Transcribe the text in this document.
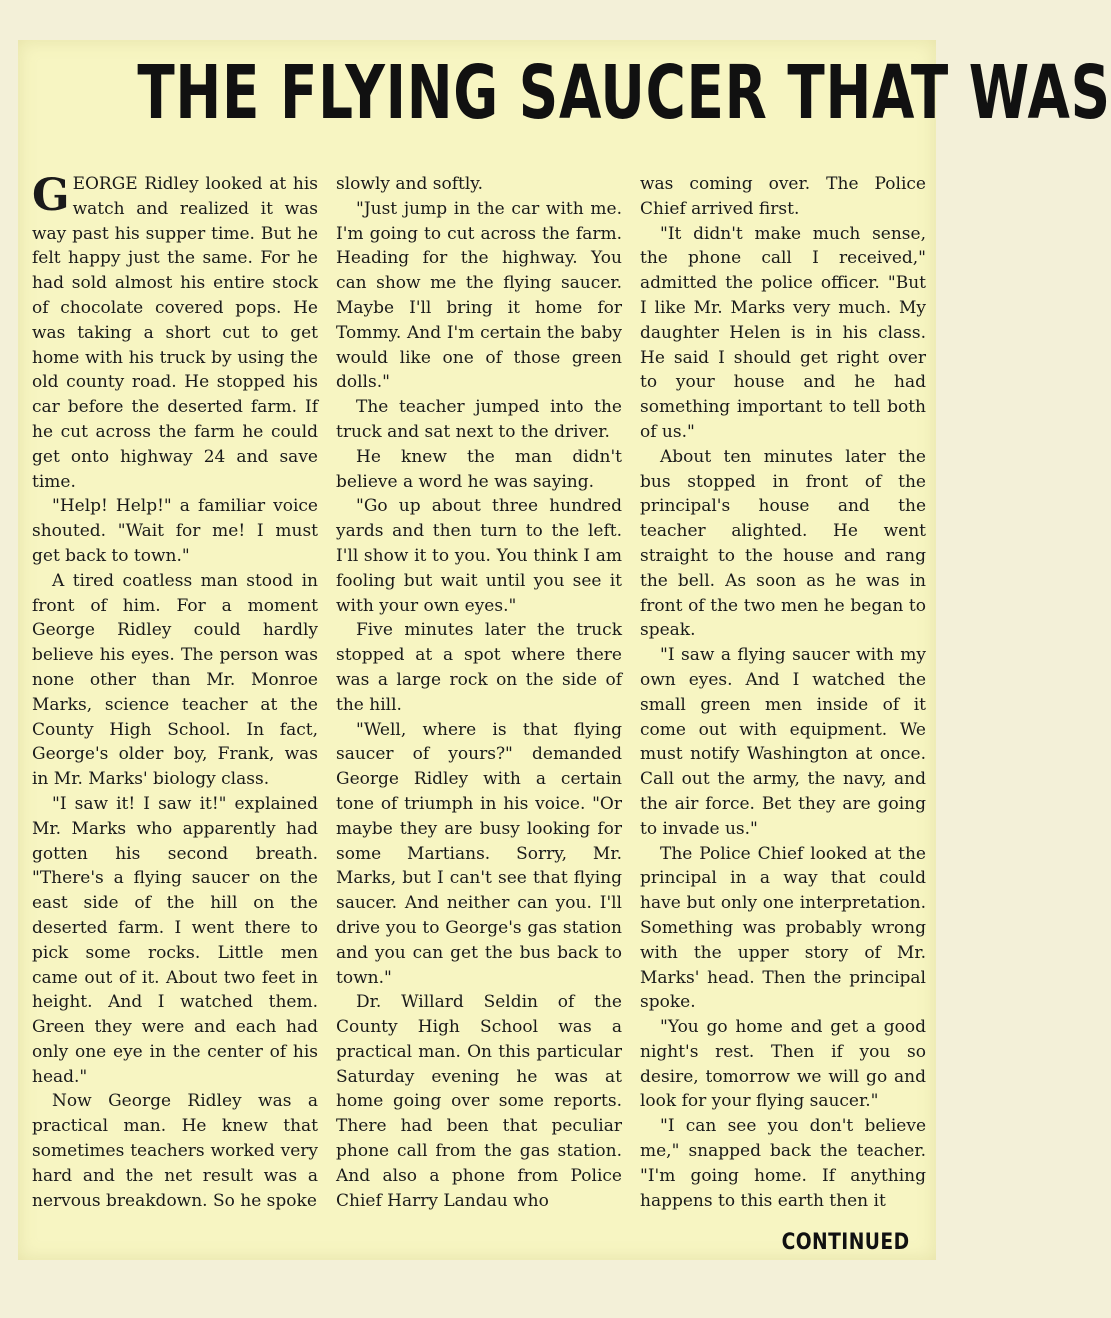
THE FLYING SAUCER THAT WAS

GEORGE Ridley looked at his watch and realized it was way past his supper time. But he felt happy just the same. For he had sold almost his entire stock of chocolate covered pops. He was taking a short cut to get home with his truck by using the old county road. He stopped his car before the deserted farm. If he cut across the farm he could get onto highway 24 and save time.

"Help! Help!" a familiar voice shouted. "Wait for me! I must get back to town."

A tired coatless man stood in front of him. For a moment George Ridley could hardly believe his eyes. The person was none other than Mr. Monroe Marks, science teacher at the County High School. In fact, George's older boy, Frank, was in Mr. Marks' biology class.

"I saw it! I saw it!" explained Mr. Marks who apparently had gotten his second breath. "There's a flying saucer on the east side of the hill on the deserted farm. I went there to pick some rocks. Little men came out of it. About two feet in height. And I watched them. Green they were and each had only one eye in the center of his head."

Now George Ridley was a practical man. He knew that sometimes teachers worked very hard and the net result was a nervous breakdown. So he spoke

slowly and softly.

"Just jump in the car with me. I'm going to cut across the farm. Heading for the highway. You can show me the flying saucer. Maybe I'll bring it home for Tommy. And I'm certain the baby would like one of those green dolls."

The teacher jumped into the truck and sat next to the driver.

He knew the man didn't believe a word he was saying.

"Go up about three hundred yards and then turn to the left. I'll show it to you. You think I am fooling but wait until you see it with your own eyes."

Five minutes later the truck stopped at a spot where there was a large rock on the side of the hill.

"Well, where is that flying saucer of yours?" demanded George Ridley with a certain tone of triumph in his voice. "Or maybe they are busy looking for some Martians. Sorry, Mr. Marks, but I can't see that flying saucer. And neither can you. I'll drive you to George's gas station and you can get the bus back to town."

Dr. Willard Seldin of the County High School was a practical man. On this particular Saturday evening he was at home going over some reports. There had been that peculiar phone call from the gas station. And also a phone from Police Chief Harry Landau who

was coming over. The Police Chief arrived first.

"It didn't make much sense, the phone call I received," admitted the police officer. "But I like Mr. Marks very much. My daughter Helen is in his class. He said I should get right over to your house and he had something important to tell both of us."

About ten minutes later the bus stopped in front of the principal's house and the teacher alighted. He went straight to the house and rang the bell. As soon as he was in front of the two men he began to speak.

"I saw a flying saucer with my own eyes. And I watched the small green men inside of it come out with equipment. We must notify Washington at once. Call out the army, the navy, and the air force. Bet they are going to invade us."

The Police Chief looked at the principal in a way that could have but only one interpretation. Something was probably wrong with the upper story of Mr. Marks' head. Then the principal spoke.

"You go home and get a good night's rest. Then if you so desire, tomorrow we will go and look for your flying saucer."

"I can see you don't believe me," snapped back the teacher. "I'm going home. If anything happens to this earth then it

CONTINUED
